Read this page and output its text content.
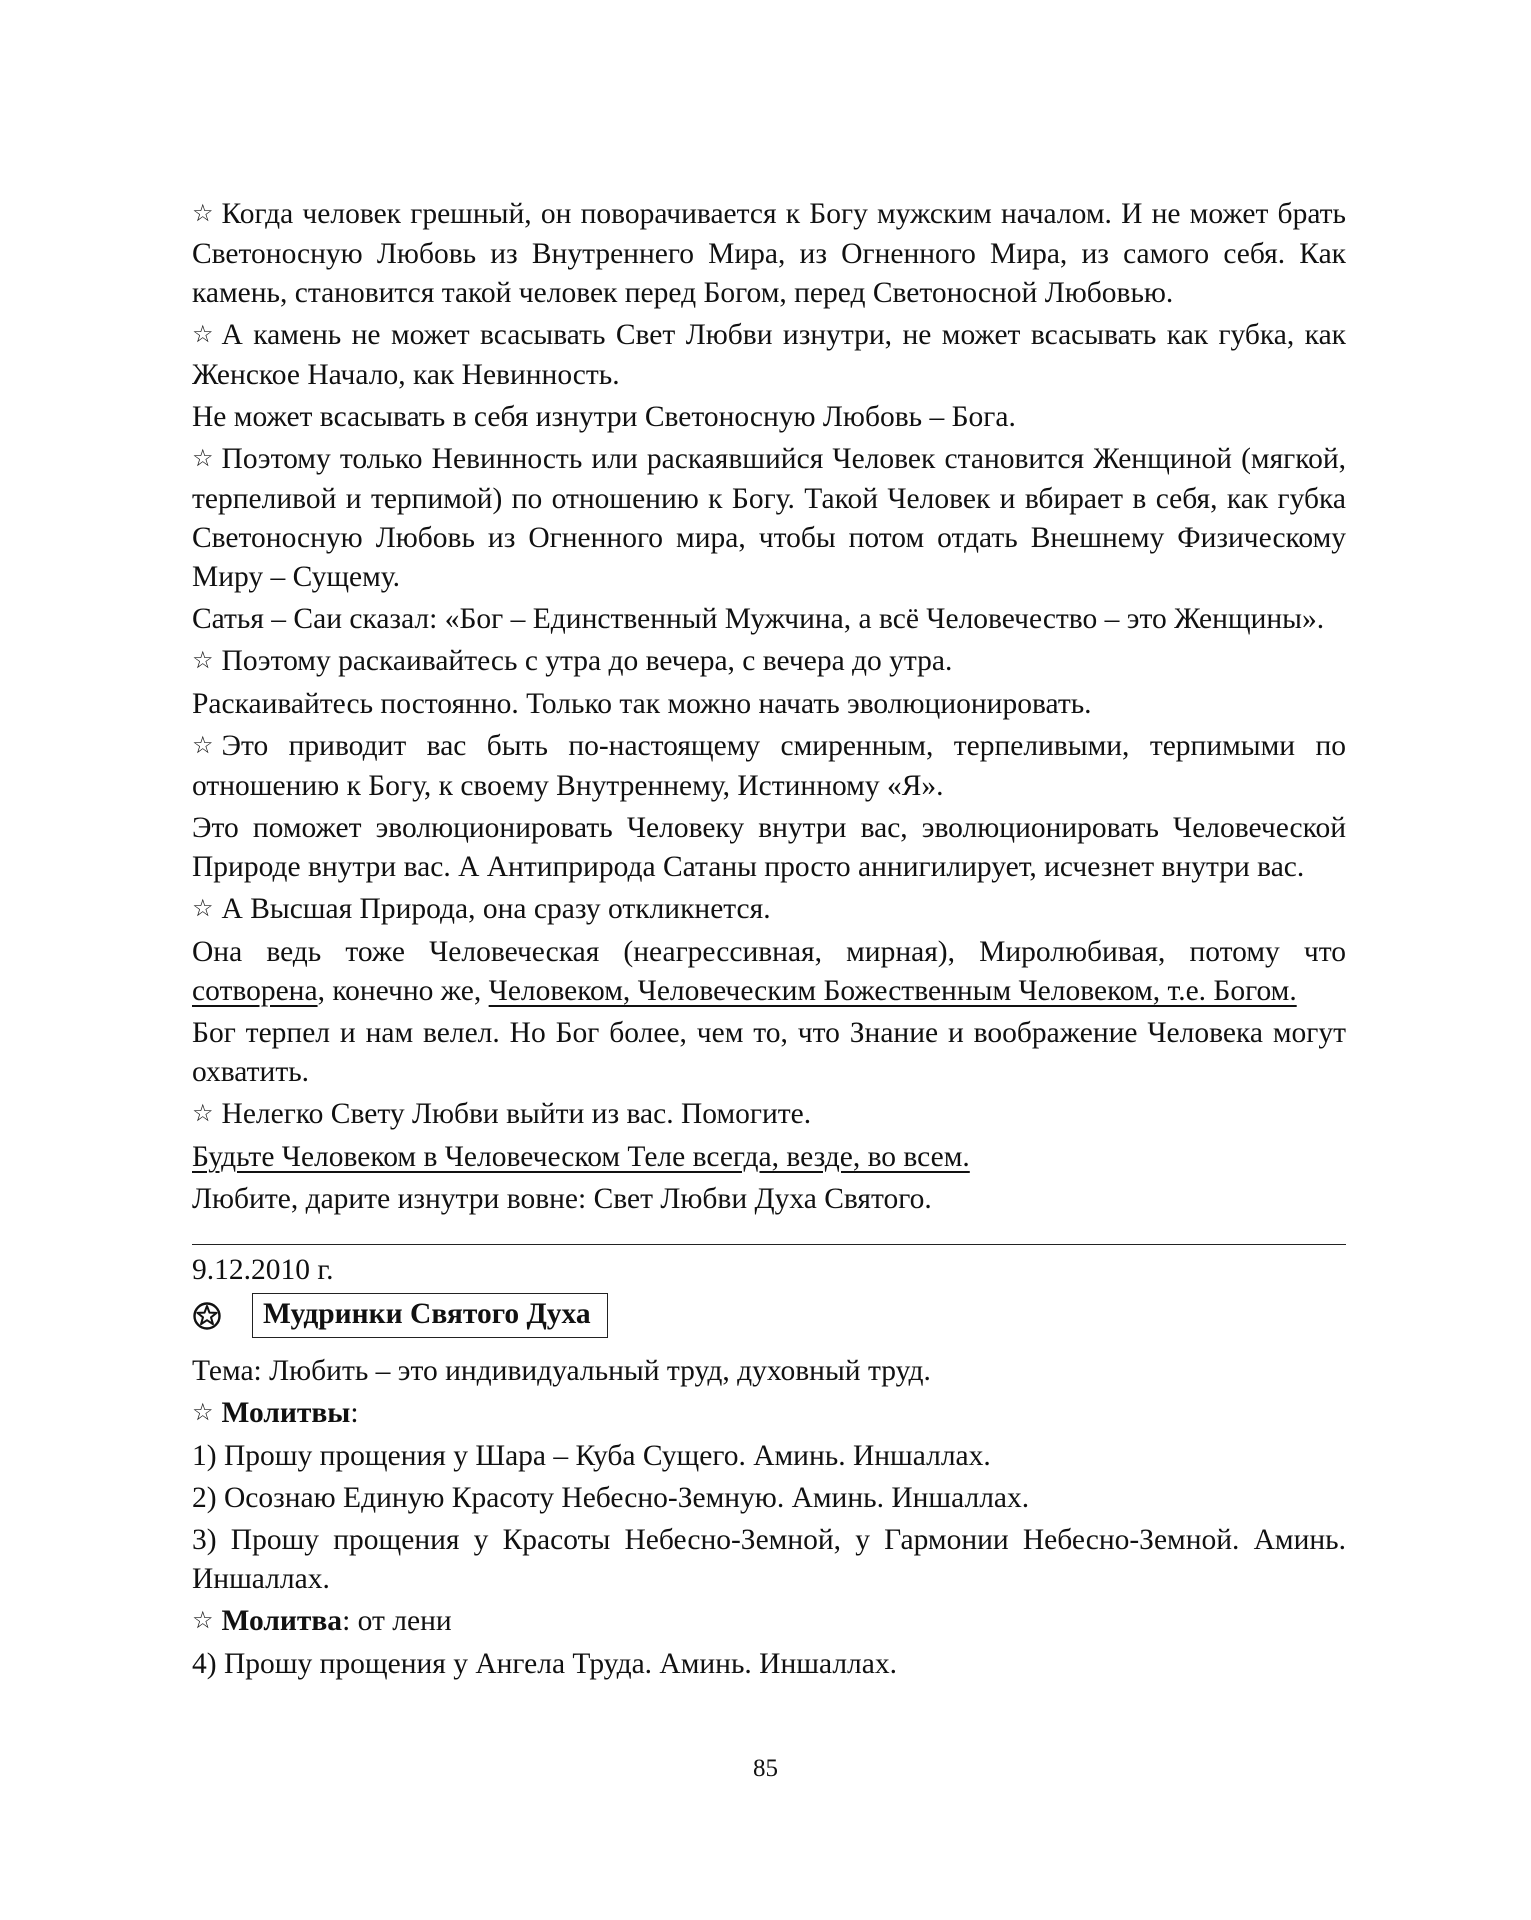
☆ Когда человек грешный, он поворачивается к Богу мужским началом. И не может брать Светоносную Любовь из Внутреннего Мира, из Огненного Мира, из самого себя. Как камень, становится такой человек перед Богом, перед Светоносной Любовью.

☆ А камень не может всасывать Свет Любви изнутри, не может всасывать как губка, как Женское Начало, как Невинность.

Не может всасывать в себя изнутри Светоносную Любовь – Бога.

☆ Поэтому только Невинность или раскаявшийся Человек становится Женщиной (мягкой, терпеливой и терпимой) по отношению к Богу. Такой Человек и вбирает в себя, как губка Светоносную Любовь из Огненного мира, чтобы потом отдать Внешнему Физическому Миру – Сущему.

Сатья – Саи сказал: «Бог – Единственный Мужчина, а всё Человечество – это Женщины».

☆ Поэтому раскаивайтесь с утра до вечера, с вечера до утра.

Раскаивайтесь постоянно. Только так можно начать эволюционировать.

☆ Это приводит вас быть по-настоящему смиренным, терпеливыми, терпимыми по отношению к Богу, к своему Внутреннему, Истинному «Я».

Это поможет эволюционировать Человеку внутри вас, эволюционировать Человеческой Природе внутри вас. А Антиприрода Сатаны просто аннигилирует, исчезнет внутри вас.

☆ А Высшая Природа, она сразу откликнется.

Она ведь тоже Человеческая (неагрессивная, мирная), Миролюбивая, потому что сотворена, конечно же, Человеком, Человеческим Божественным Человеком, т.е. Богом.

Бог терпел и нам велел. Но Бог более, чем то, что Знание и воображение Человека могут охватить.

☆ Нелегко Свету Любви выйти из вас. Помогите.

Будьте Человеком в Человеческом Теле всегда, везде, во всем.

Любите, дарите изнутри вовне: Свет Любви Духа Святого.

9.12.2010 г.

Мудринки Святого Духа

Тема: Любить – это индивидуальный труд, духовный труд.

☆ Молитвы:

1) Прошу прощения у Шара – Куба Сущего. Аминь. Иншаллах.

2) Осознаю Единую Красоту Небесно-Земную. Аминь. Иншаллах.

3) Прошу прощения у Красоты Небесно-Земной, у Гармонии Небесно-Земной. Аминь. Иншаллах.

☆ Молитва: от лени

4) Прошу прощения у Ангела Труда. Аминь. Иншаллах.

85
